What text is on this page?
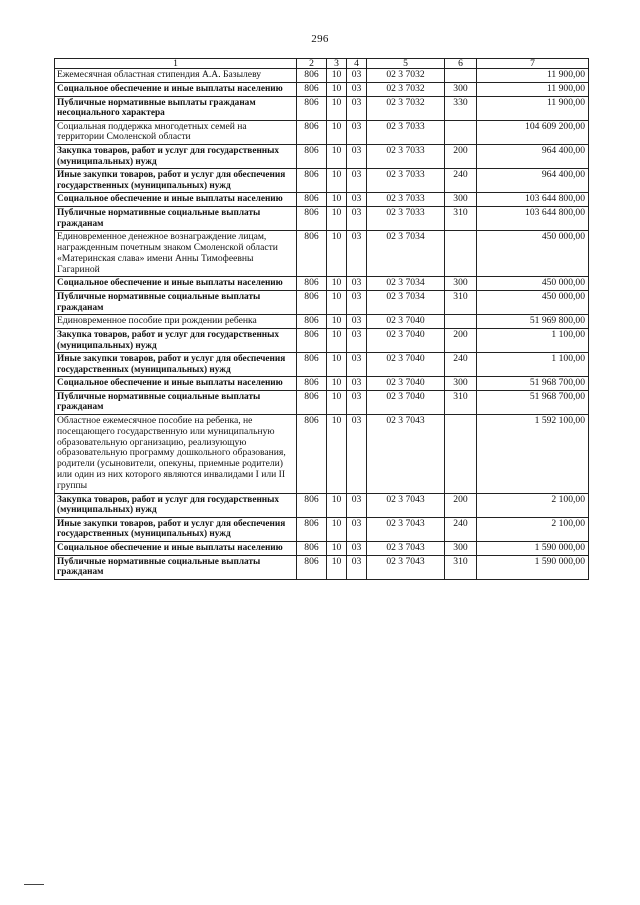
296
1	2	3	4	5	6	7
Ежемесячная областная стипендия А.А. Базылеву	806	10	03	02 3 7032		11 900,00
Социальное обеспечение и иные выплаты населению	806	10	03	02 3 7032	300	11 900,00
Публичные нормативные выплаты гражданам несоциального характера	806	10	03	02 3 7032	330	11 900,00
Социальная поддержка многодетных семей на территории Смоленской области	806	10	03	02 3 7033		104 609 200,00
Закупка товаров, работ и услуг для государственных (муниципальных) нужд	806	10	03	02 3 7033	200	964 400,00
Иные закупки товаров, работ и услуг для обеспечения государственных (муниципальных) нужд	806	10	03	02 3 7033	240	964 400,00
Социальное обеспечение и иные выплаты населению	806	10	03	02 3 7033	300	103 644 800,00
Публичные нормативные социальные выплаты гражданам	806	10	03	02 3 7033	310	103 644 800,00
Единовременное денежное вознаграждение лицам, награжденным почетным знаком Смоленской области «Материнская слава» имени Анны Тимофеевны Гагариной	806	10	03	02 3 7034		450 000,00
Социальное обеспечение и иные выплаты населению	806	10	03	02 3 7034	300	450 000,00
Публичные нормативные социальные выплаты гражданам	806	10	03	02 3 7034	310	450 000,00
Единовременное пособие при рождении ребенка	806	10	03	02 3 7040		51 969 800,00
Закупка товаров, работ и услуг для государственных (муниципальных) нужд	806	10	03	02 3 7040	200	1 100,00
Иные закупки товаров, работ и услуг для обеспечения государственных (муниципальных) нужд	806	10	03	02 3 7040	240	1 100,00
Социальное обеспечение и иные выплаты населению	806	10	03	02 3 7040	300	51 968 700,00
Публичные нормативные социальные выплаты гражданам	806	10	03	02 3 7040	310	51 968 700,00
Областное ежемесячное пособие на ребенка, не посещающего государственную или муниципальную образовательную организацию, реализующую образовательную программу дошкольного образования, родители (усыновители, опекуны, приемные родители) или один из них которого являются инвалидами I или II группы	806	10	03	02 3 7043		1 592 100,00
Закупка товаров, работ и услуг для государственных (муниципальных) нужд	806	10	03	02 3 7043	200	2 100,00
Иные закупки товаров, работ и услуг для обеспечения государственных (муниципальных) нужд	806	10	03	02 3 7043	240	2 100,00
Социальное обеспечение и иные выплаты населению	806	10	03	02 3 7043	300	1 590 000,00
Публичные нормативные социальные выплаты гражданам	806	10	03	02 3 7043	310	1 590 000,00
